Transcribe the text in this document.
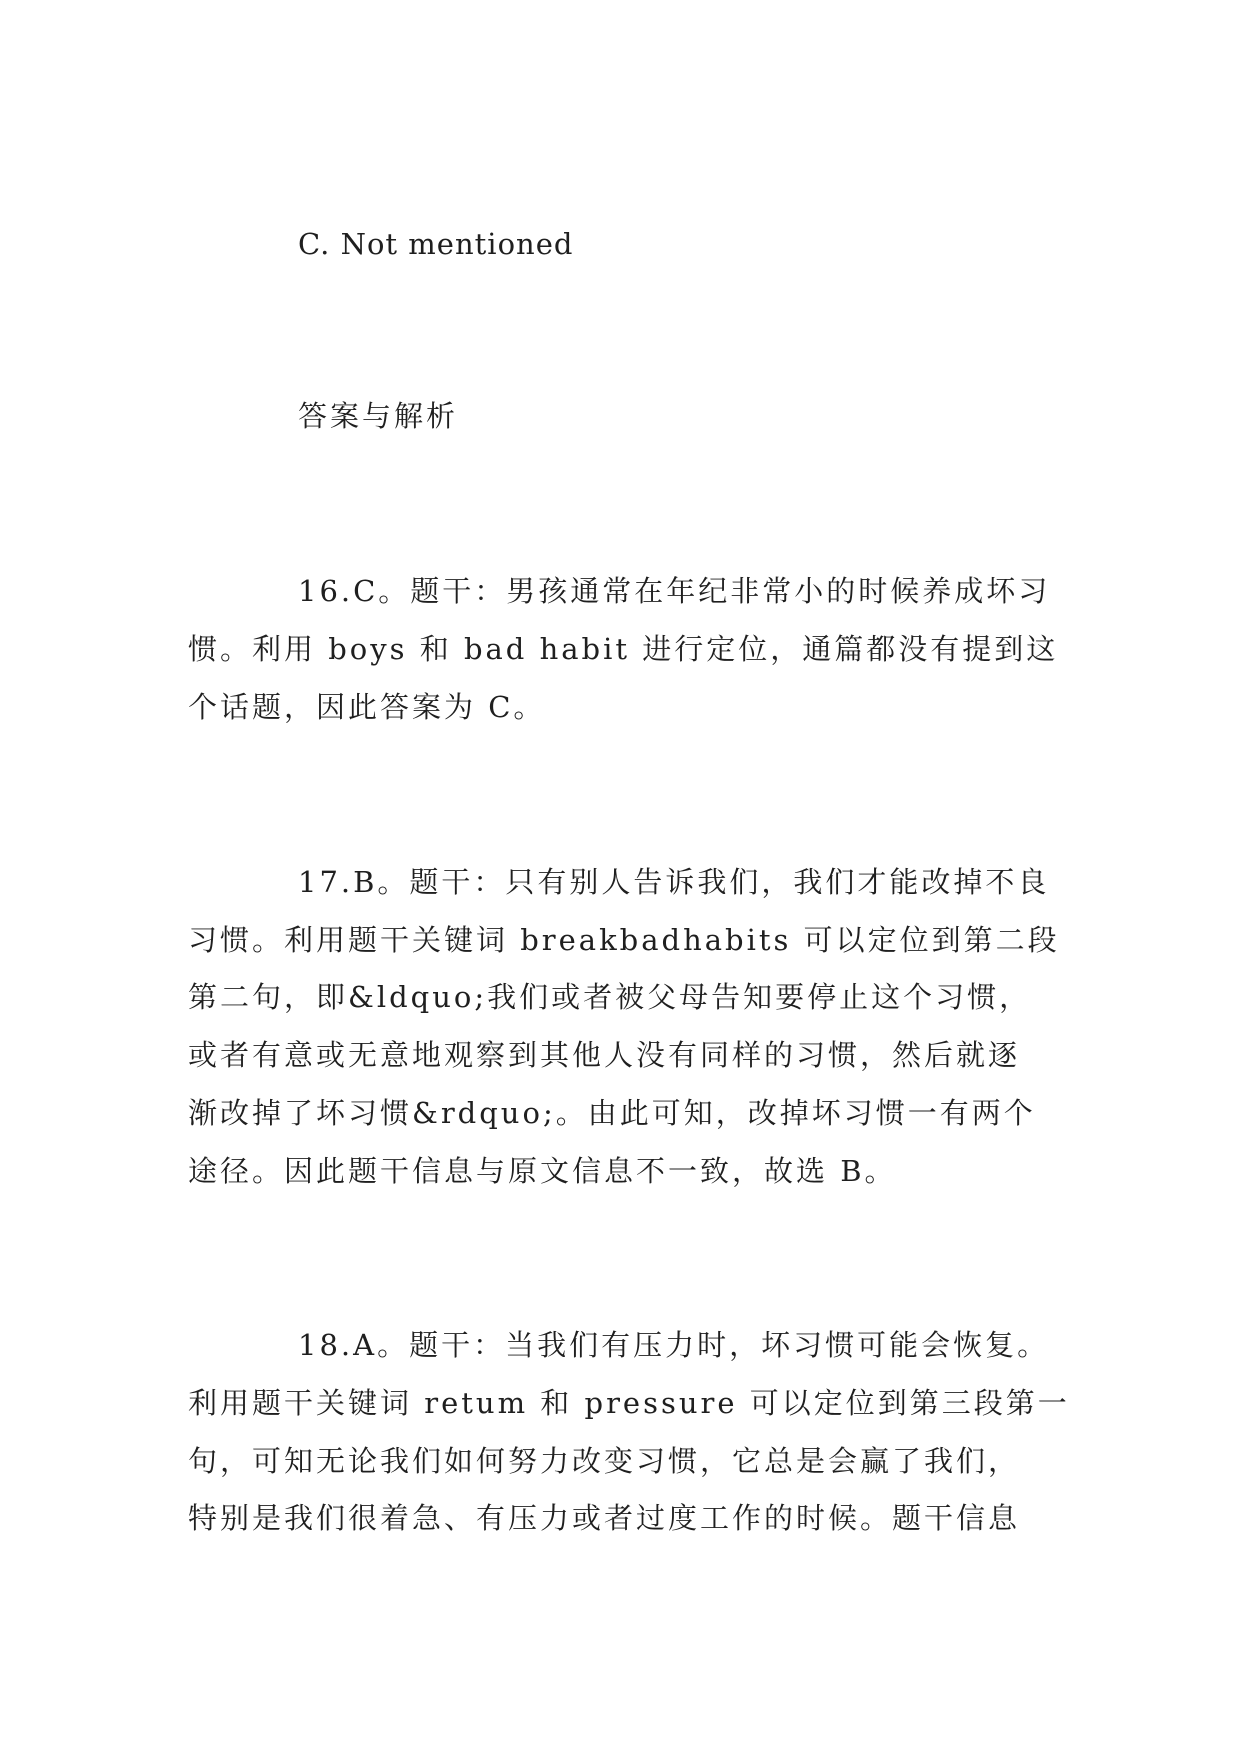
C. Not mentioned
答案与解析
16.C。题干：男孩通常在年纪非常小的时候养成坏习
惯。利用 boys 和 bad habit 进行定位，通篇都没有提到这
个话题，因此答案为 C。
17.B。题干：只有别人告诉我们，我们才能改掉不良
习惯。利用题干关键词 breakbadhabits 可以定位到第二段
第二句，即&ldquo;我们或者被父母告知要停止这个习惯，
或者有意或无意地观察到其他人没有同样的习惯，然后就逐
渐改掉了坏习惯&rdquo;。由此可知，改掉坏习惯一有两个
途径。因此题干信息与原文信息不一致，故选 B。
18.A。题干：当我们有压力时，坏习惯可能会恢复。
利用题干关键词 retum 和 pressure 可以定位到第三段第一
句，可知无论我们如何努力改变习惯，它总是会赢了我们，
特别是我们很着急、有压力或者过度工作的时候。题干信息
